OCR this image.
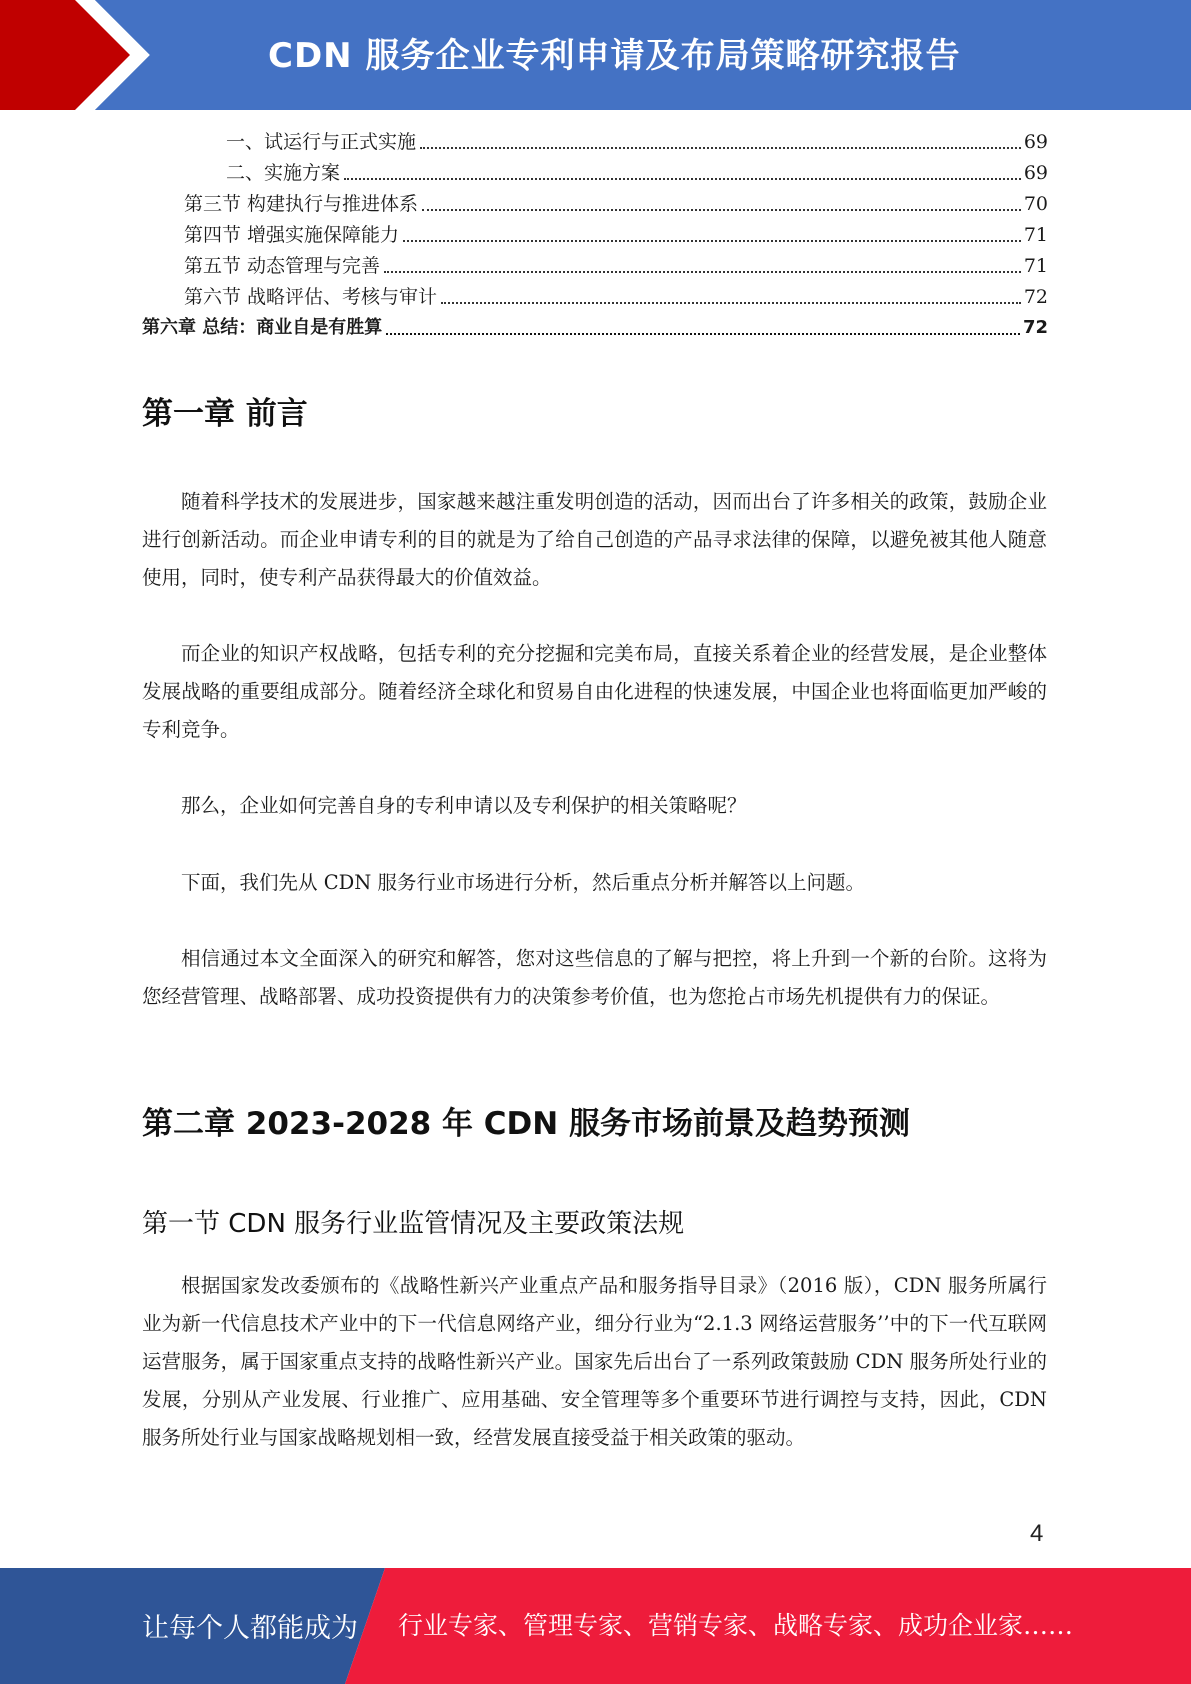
CDN 服务企业专利申请及布局策略研究报告
一、试运行与正式实施	69
二、实施方案	69
第三节 构建执行与推进体系	70
第四节 增强实施保障能力	71
第五节 动态管理与完善	71
第六节 战略评估、考核与审计	72
第六章 总结：商业自是有胜算	72
第一章 前言
随着科学技术的发展进步，国家越来越注重发明创造的活动，因而出台了许多相关的政策，鼓励企业进行创新活动。而企业申请专利的目的就是为了给自己创造的产品寻求法律的保障，以避免被其他人随意使用，同时，使专利产品获得最大的价值效益。
而企业的知识产权战略，包括专利的充分挖掘和完美布局，直接关系着企业的经营发展，是企业整体发展战略的重要组成部分。随着经济全球化和贸易自由化进程的快速发展，中国企业也将面临更加严峻的专利竞争。
那么，企业如何完善自身的专利申请以及专利保护的相关策略呢？
下面，我们先从 CDN 服务行业市场进行分析，然后重点分析并解答以上问题。
相信通过本文全面深入的研究和解答，您对这些信息的了解与把控，将上升到一个新的台阶。这将为您经营管理、战略部署、成功投资提供有力的决策参考价值，也为您抢占市场先机提供有力的保证。
第二章 2023-2028 年 CDN 服务市场前景及趋势预测
第一节 CDN 服务行业监管情况及主要政策法规
根据国家发改委颁布的《战略性新兴产业重点产品和服务指导目录》（2016 版），CDN 服务所属行业为新一代信息技术产业中的下一代信息网络产业，细分行业为“2.1.3 网络运营服务’’中的下一代互联网运营服务，属于国家重点支持的战略性新兴产业。国家先后出台了一系列政策鼓励 CDN 服务所处行业的发展，分别从产业发展、行业推广、应用基础、安全管理等多个重要环节进行调控与支持，因此，CDN 服务所处行业与国家战略规划相一致，经营发展直接受益于相关政策的驱动。
4
让每个人都能成为 行业专家、管理专家、营销专家、战略专家、成功企业家……
